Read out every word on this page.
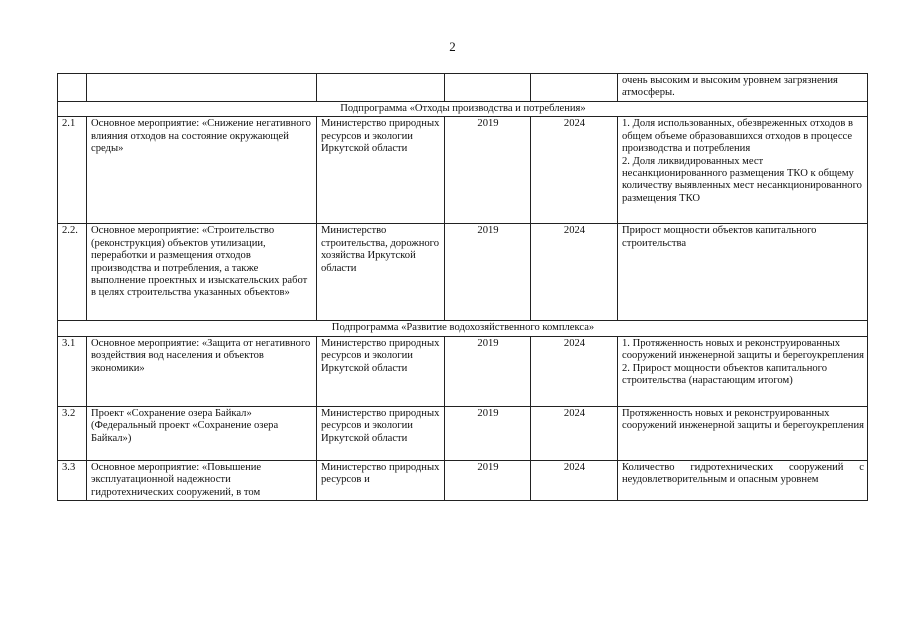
2

					очень высоким и высоким уровнем загрязнения атмосферы.

Подпрограмма «Отходы производства и потребления»					
2.1	Основное мероприятие: «Снижение негативного влияния отходов на состояние окружающей среды»	Министерство природных ресурсов и экологии Иркутской области	2019	2024	1. Доля использованных, обезвреженных отходов в общем объеме образовавшихся отходов в процессе производства и потребления
2. Доля ликвидированных мест несанкционированного размещения ТКО к общему количеству выявленных мест несанкционированного размещения ТКО

2.2.	Основное мероприятие: «Строительство (реконструкция) объектов утилизации, переработки и размещения отходов производства и потребления, а также выполнение проектных и изыскательских работ в целях строительства указанных объектов»	Министерство строительства, дорожного хозяйства Иркутской области	2019	2024	Прирост мощности объектов капитального строительства

Подпрограмма «Развитие водохозяйственного комплекса»					
3.1	Основное мероприятие: «Защита от негативного воздействия вод населения и объектов экономики»	Министерство природных ресурсов и экологии Иркутской области	2019	2024	1. Протяженность новых и реконструированных сооружений инженерной защиты и берегоукрепления
2. Прирост мощности объектов капитального строительства (нарастающим итогом)

3.2	Проект «Сохранение озера Байкал» (Федеральный проект «Сохранение озера Байкал»)	Министерство природных ресурсов и экологии Иркутской области	2019	2024	Протяженность новых и реконструированных сооружений инженерной защиты и берегоукрепления

3.3	Основное мероприятие: «Повышение эксплуатационной надежности гидротехнических сооружений, в том	Министерство природных ресурсов и	2019	2024	Количество гидротехнических сооружений с неудовлетворительным и опасным уровнем
